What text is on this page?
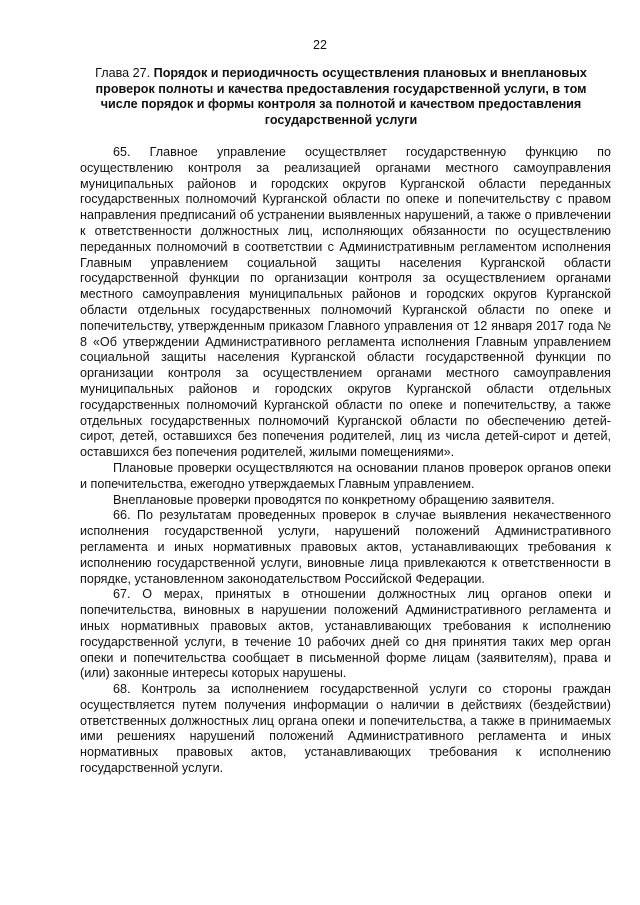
22
Глава 27. Порядок и периодичность осуществления плановых и внеплановых проверок полноты и качества предоставления государственной услуги, в том числе порядок и формы контроля за полнотой и качеством предоставления государственной услуги

65. Главное управление осуществляет государственную функцию по осуществлению контроля за реализацией органами местного самоуправления муниципальных районов и городских округов Курганской области переданных государственных полномочий Курганской области по опеке и попечительству с правом направления предписаний об устранении выявленных нарушений, а также о привлечении к ответственности должностных лиц, исполняющих обязанности по осуществлению переданных полномочий в соответствии с Административным регламентом исполнения Главным управлением социальной защиты населения Курганской области государственной функции по организации контроля за осуществлением органами местного самоуправления муниципальных районов и городских округов Курганской области отдельных государственных полномочий Курганской области по опеке и попечительству, утвержденным приказом Главного управления от 12 января 2017 года № 8 «Об утверждении Административного регламента исполнения Главным управлением социальной защиты населения Курганской области государственной функции по организации контроля за осуществлением органами местного самоуправления муниципальных районов и городских округов Курганской области отдельных государственных полномочий Курганской области по опеке и попечительству, а также отдельных государственных полномочий Курганской области по обеспечению детей-сирот, детей, оставшихся без попечения родителей, лиц из числа детей-сирот и детей, оставшихся без попечения родителей, жилыми помещениями».

Плановые проверки осуществляются на основании планов проверок органов опеки и попечительства, ежегодно утверждаемых Главным управлением.

Внеплановые проверки проводятся по конкретному обращению заявителя.

66. По результатам проведенных проверок в случае выявления некачественного исполнения государственной услуги, нарушений положений Административного регламента и иных нормативных правовых актов, устанавливающих требования к исполнению государственной услуги, виновные лица привлекаются к ответственности в порядке, установленном законодательством Российской Федерации.

67. О мерах, принятых в отношении должностных лиц органов опеки и попечительства, виновных в нарушении положений Административного регламента и иных нормативных правовых актов, устанавливающих требования к исполнению государственной услуги, в течение 10 рабочих дней со дня принятия таких мер орган опеки и попечительства сообщает в письменной форме лицам (заявителям), права и (или) законные интересы которых нарушены.

68. Контроль за исполнением государственной услуги со стороны граждан осуществляется путем получения информации о наличии в действиях (бездействии) ответственных должностных лиц органа опеки и попечительства, а также в принимаемых ими решениях нарушений положений Административного регламента и иных нормативных правовых актов, устанавливающих требования к исполнению государственной услуги.
